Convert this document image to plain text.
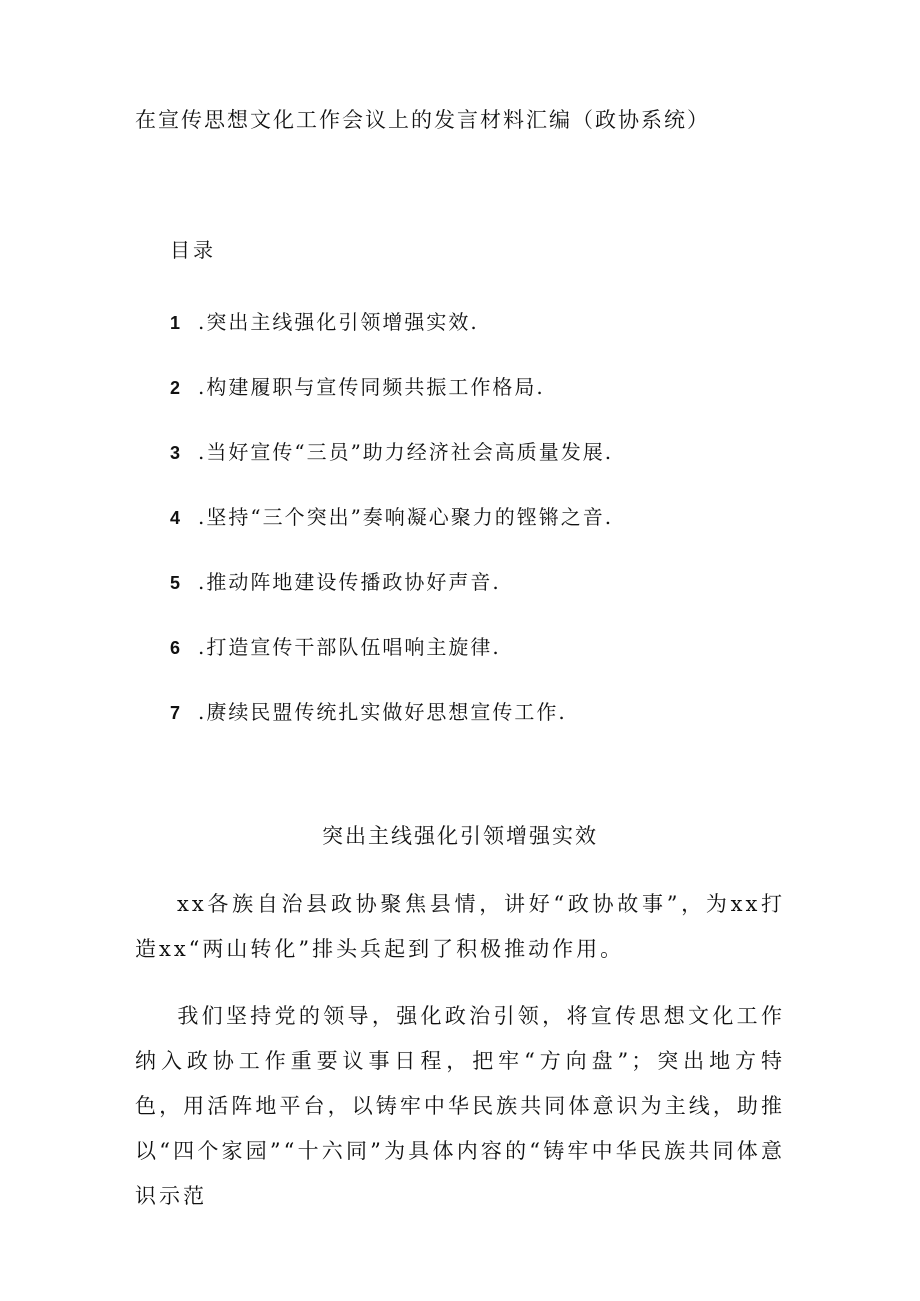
在宣传思想文化工作会议上的发言材料汇编（政协系统）
目录
1 .突出主线强化引领增强实效.
2 .构建履职与宣传同频共振工作格局.
3 .当好宣传“三员”助力经济社会高质量发展.
4 .坚持“三个突出”奏响凝心聚力的铿锵之音.
5 .推动阵地建设传播政协好声音.
6 .打造宣传干部队伍唱响主旋律.
7 .赓续民盟传统扎实做好思想宣传工作.
突出主线强化引领增强实效
xx各族自治县政协聚焦县情，讲好“政协故事”，为xx打造xx“两山转化”排头兵起到了积极推动作用。
我们坚持党的领导，强化政治引领，将宣传思想文化工作纳入政协工作重要议事日程，把牢“方向盘”；突出地方特色，用活阵地平台，以铸牢中华民族共同体意识为主线，助推以“四个家园”“十六同”为具体内容的“铸牢中华民族共同体意识示范
